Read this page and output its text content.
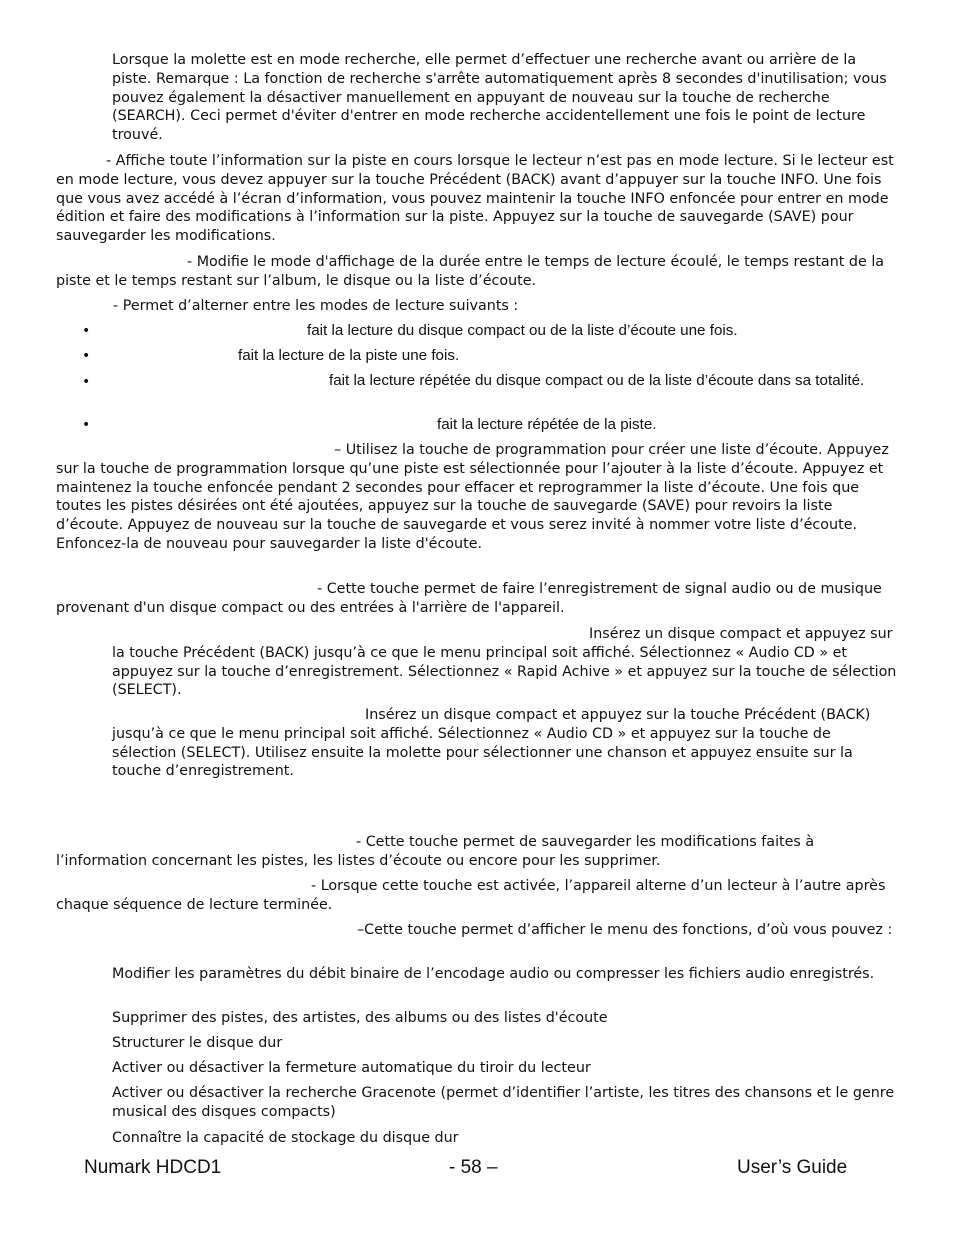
Lorsque la molette est en mode recherche, elle permet d’effectuer une recherche avant ou arrière de la piste. Remarque : La fonction de recherche s'arrête automatiquement après 8 secondes d'inutilisation; vous pouvez également la désactiver manuellement en appuyant de nouveau sur la touche de recherche (SEARCH). Ceci permet d'éviter d'entrer en mode recherche accidentellement une fois le point de lecture trouvé.

- Affiche toute l’information sur la piste en cours lorsque le lecteur n’est pas en mode lecture. Si le lecteur est en mode lecture, vous devez appuyer sur la touche Précédent (BACK) avant d’appuyer sur la touche INFO. Une fois que vous avez accédé à l’écran d’information, vous pouvez maintenir la touche INFO enfoncée pour entrer en mode édition et faire des modifications à l’information sur la piste. Appuyez sur la touche de sauvegarde (SAVE) pour sauvegarder les modifications.

- Modifie le mode d'affichage de la durée entre le temps de lecture écoulé, le temps restant de la piste et le temps restant sur l’album, le disque ou la liste d’écoute.

- Permet d’alterner entre les modes de lecture suivants :

•	fait la lecture du disque compact ou de la liste d’écoute une fois.

•	fait la lecture de la piste une fois.

•	fait la lecture répétée du disque compact ou de la liste d’écoute dans sa totalité.

•	fait la lecture répétée de la piste.

– Utilisez la touche de programmation pour créer une liste d’écoute. Appuyez sur la touche de programmation lorsque qu’une piste est sélectionnée pour l’ajouter à la liste d’écoute. Appuyez et maintenez la touche enfoncée pendant 2 secondes pour effacer et reprogrammer la liste d’écoute. Une fois que toutes les pistes désirées ont été ajoutées, appuyez sur la touche de sauvegarde (SAVE) pour revoirs la liste d’écoute. Appuyez de nouveau sur la touche de sauvegarde et vous serez invité à nommer votre liste d’écoute. Enfoncez-la de nouveau pour sauvegarder la liste d'écoute.

- Cette touche permet de faire l’enregistrement de signal audio ou de musique provenant d'un disque compact ou des entrées à l'arrière de l'appareil.

Insérez un disque compact et appuyez sur la touche Précédent (BACK) jusqu’à ce que le menu principal soit affiché. Sélectionnez « Audio CD » et appuyez sur la touche d’enregistrement. Sélectionnez « Rapid Achive » et appuyez sur la touche de sélection (SELECT).

Insérez un disque compact et appuyez sur la touche Précédent (BACK) jusqu’à ce que le menu principal soit affiché. Sélectionnez « Audio CD » et appuyez sur la touche de sélection (SELECT). Utilisez ensuite la molette pour sélectionner une chanson et appuyez ensuite sur la touche d’enregistrement.

- Cette touche permet de sauvegarder les modifications faites à l’information concernant les pistes, les listes d’écoute ou encore pour les supprimer.

- Lorsque cette touche est activée, l’appareil alterne d’un lecteur à l’autre après chaque séquence de lecture terminée.

–Cette touche permet d’afficher le menu des fonctions, d’où vous pouvez :

Modifier les paramètres du débit binaire de l’encodage audio ou compresser les fichiers audio enregistrés.

Supprimer des pistes, des artistes, des albums ou des listes d'écoute

Structurer le disque dur

Activer ou désactiver la fermeture automatique du tiroir du lecteur

Activer ou désactiver la recherche Gracenote (permet d’identifier l’artiste, les titres des chansons et le genre musical des disques compacts)

Connaître la capacité de stockage du disque dur

Numark HDCD1	- 58 –	User’s Guide
